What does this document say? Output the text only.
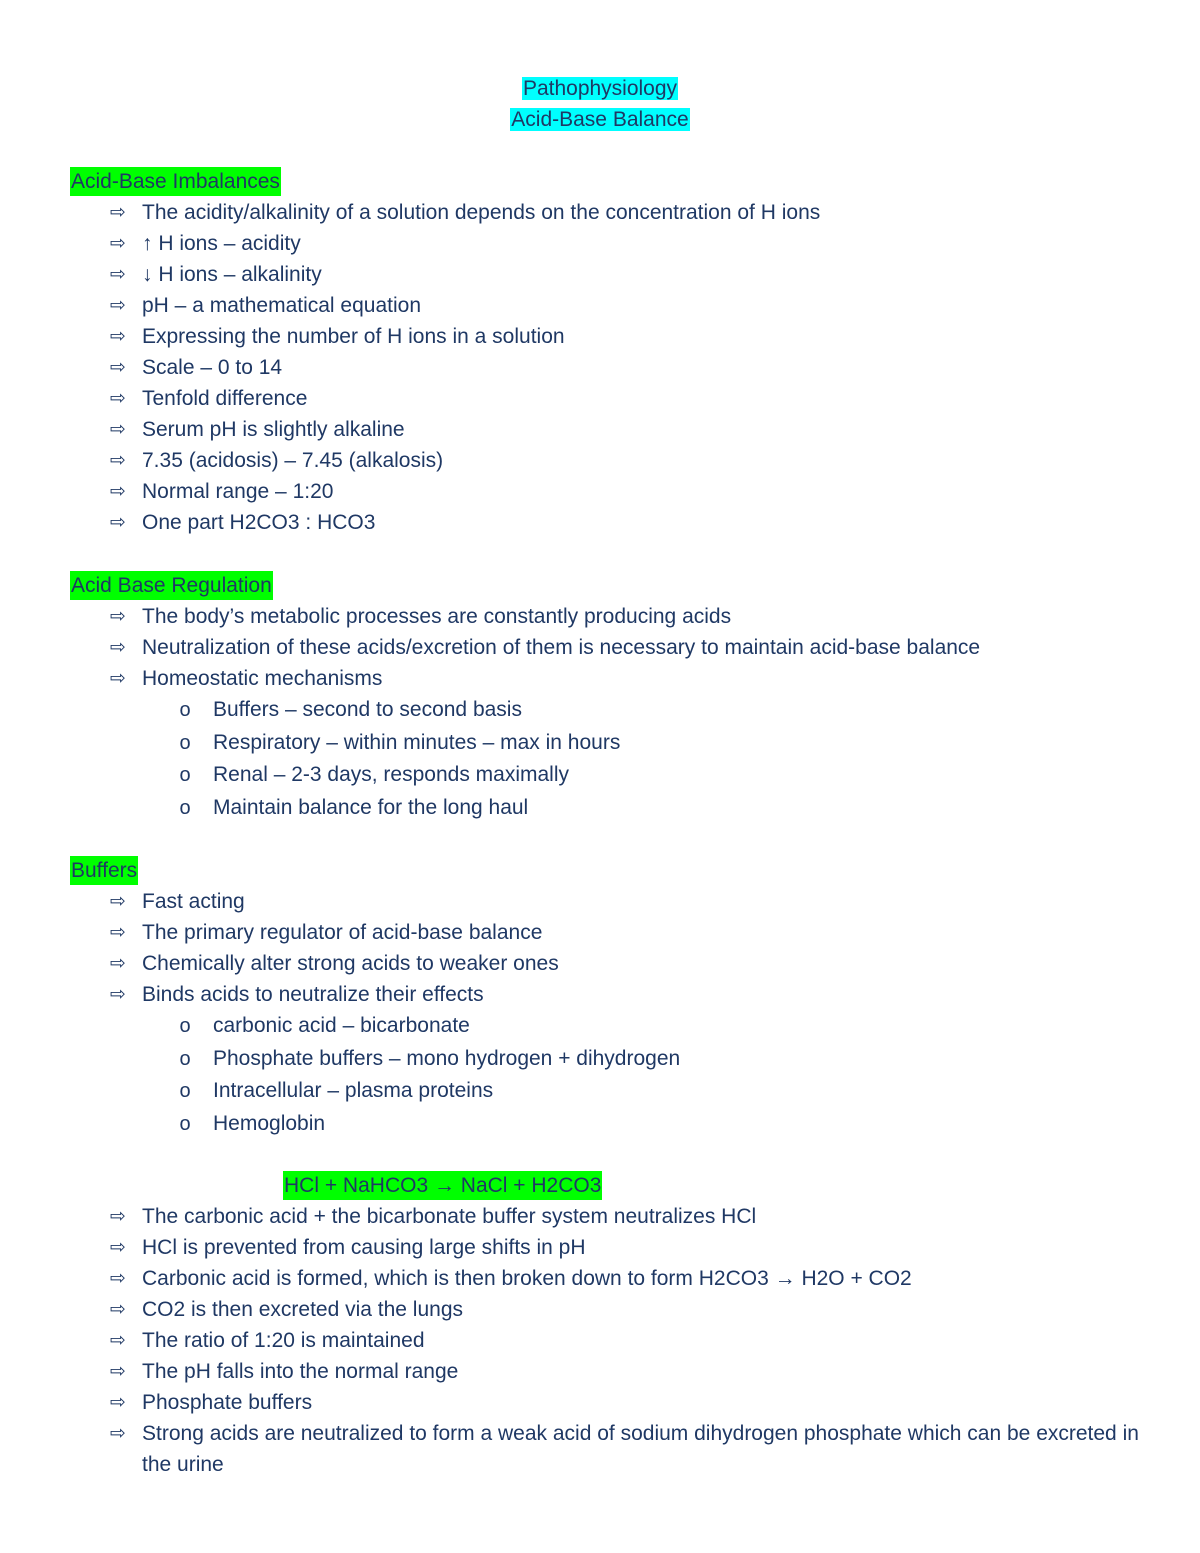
Pathophysiology
Acid-Base Balance
Acid-Base Imbalances
⇨ The acidity/alkalinity of a solution depends on the concentration of H ions
⇨ ↑ H ions – acidity
⇨ ↓ H ions – alkalinity
⇨ pH – a mathematical equation
⇨ Expressing the number of H ions in a solution
⇨ Scale – 0 to 14
⇨ Tenfold difference
⇨ Serum pH is slightly alkaline
⇨ 7.35 (acidosis) – 7.45 (alkalosis)
⇨ Normal range – 1:20
⇨ One part H2CO3 : HCO3
Acid Base Regulation
⇨ The body’s metabolic processes are constantly producing acids
⇨ Neutralization of these acids/excretion of them is necessary to maintain acid-base balance
⇨ Homeostatic mechanisms
o Buffers – second to second basis
o Respiratory – within minutes – max in hours
o Renal – 2-3 days, responds maximally
o Maintain balance for the long haul
Buffers
⇨ Fast acting
⇨ The primary regulator of acid-base balance
⇨ Chemically alter strong acids to weaker ones
⇨ Binds acids to neutralize their effects
o carbonic acid – bicarbonate
o Phosphate buffers – mono hydrogen + dihydrogen
o Intracellular – plasma proteins
o Hemoglobin
HCl + NaHCO3 → NaCl + H2CO3
⇨ The carbonic acid + the bicarbonate buffer system neutralizes HCl
⇨ HCl is prevented from causing large shifts in pH
⇨ Carbonic acid is formed, which is then broken down to form H2CO3 → H2O + CO2
⇨ CO2 is then excreted via the lungs
⇨ The ratio of 1:20 is maintained
⇨ The pH falls into the normal range
⇨ Phosphate buffers
⇨ Strong acids are neutralized to form a weak acid of sodium dihydrogen phosphate which can be excreted in the urine
